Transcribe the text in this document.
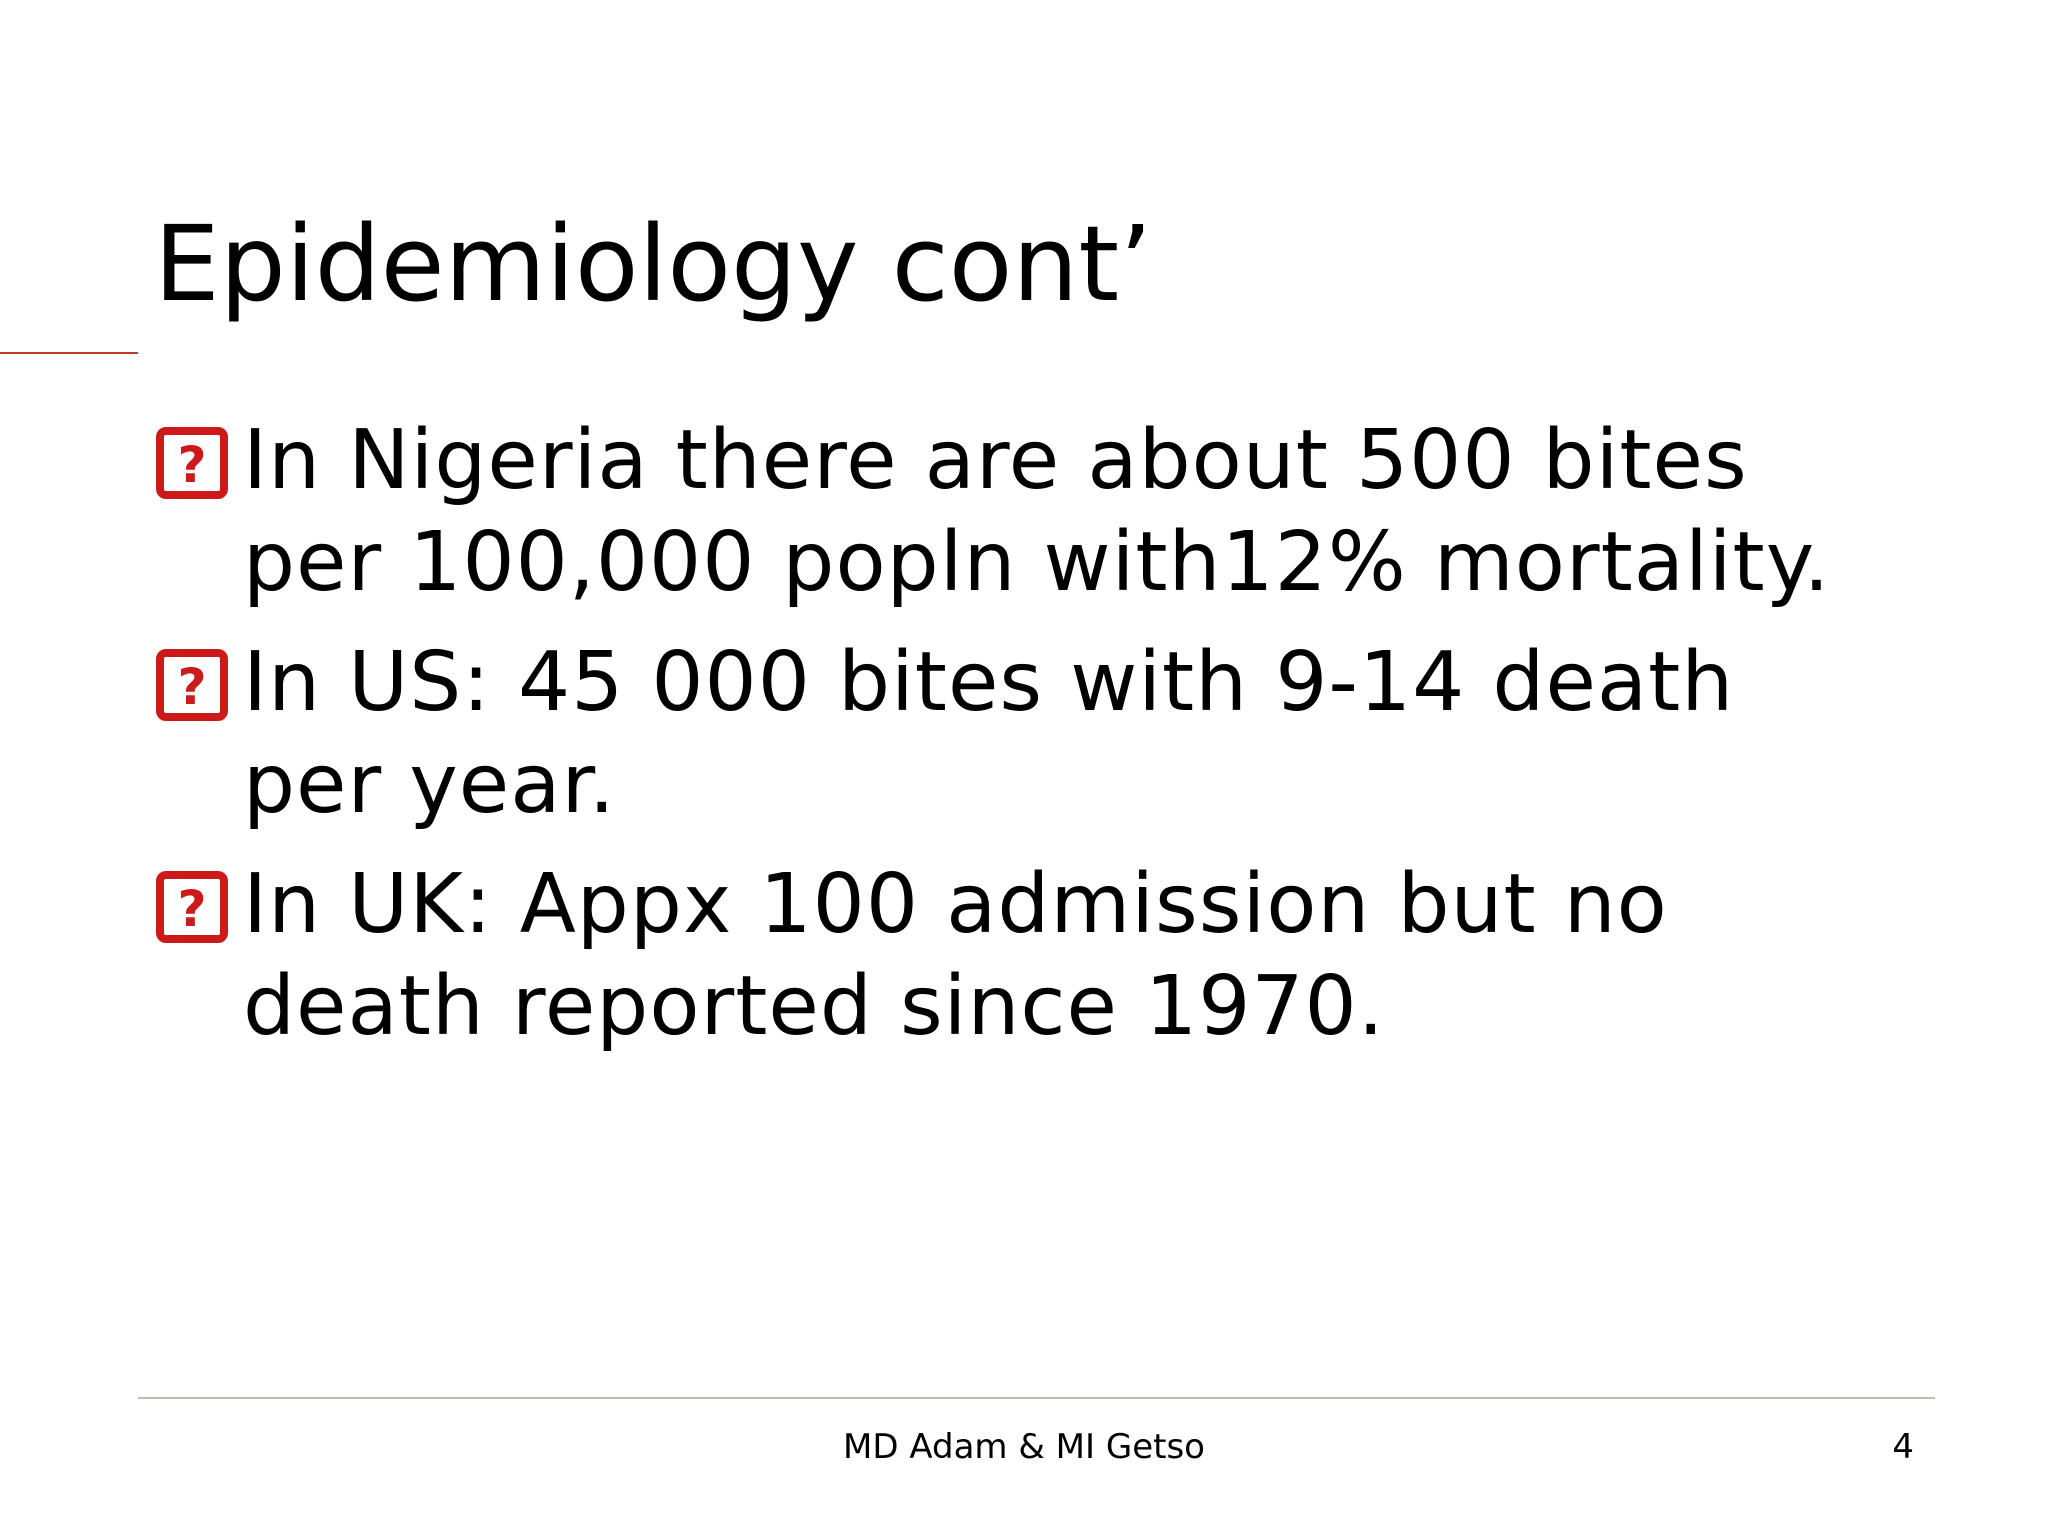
Epidemiology cont’
? In Nigeria there are about 500 bites per 100,000 popln with12% mortality.
? In US: 45 000 bites with 9-14 death per year.
? In UK: Appx 100 admission but no death reported since 1970.
MD Adam & MI Getso	4
